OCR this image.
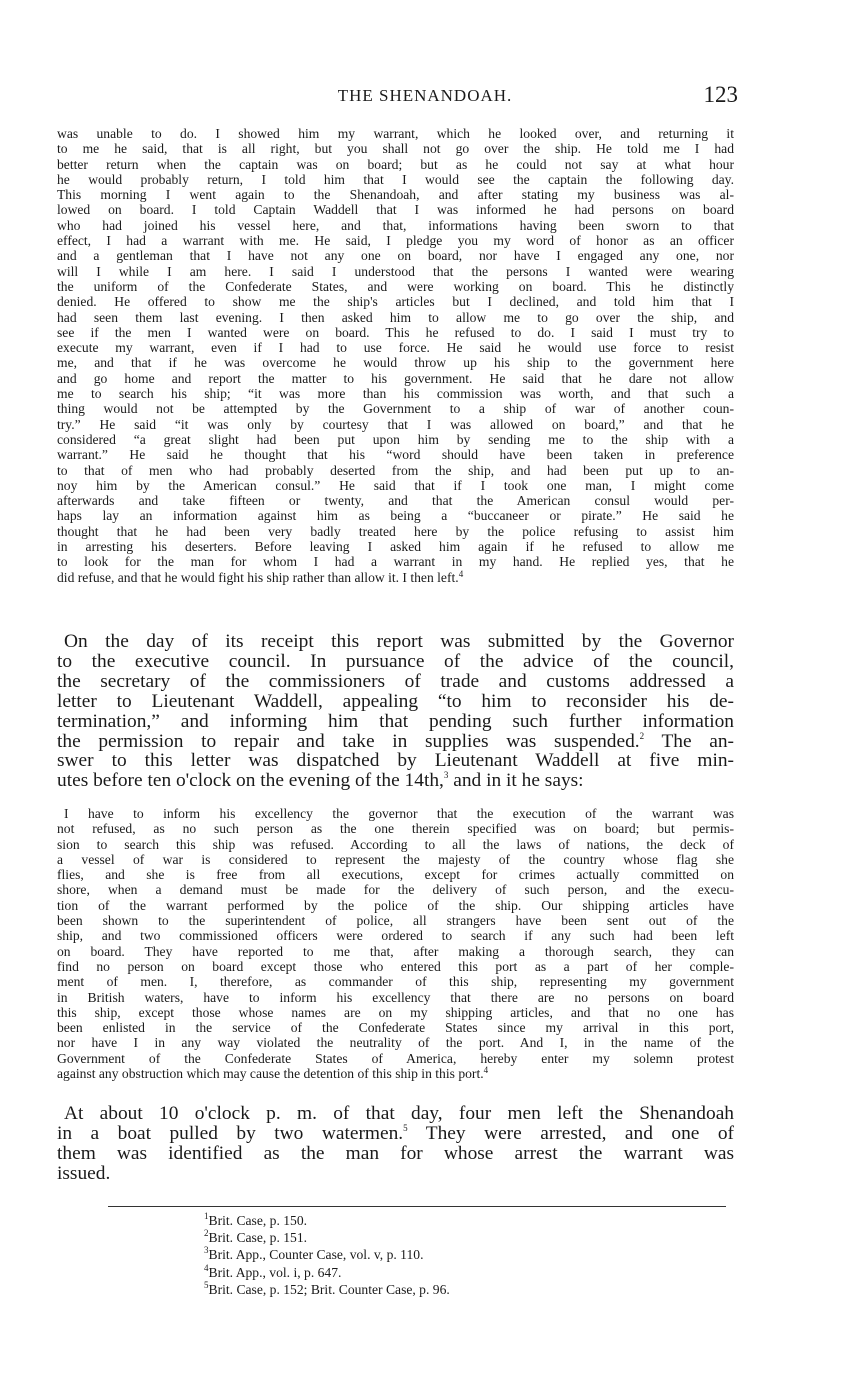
THE SHENANDOAH.	123
was unable to do. I showed him my warrant, which he looked over, and returning it
to me he said, that is all right, but you shall not go over the ship. He told me I had
better return when the captain was on board; but as he could not say at what hour
he would probably return, I told him that I would see the captain the following day.
This morning I went again to the Shenandoah, and after stating my business was al-
lowed on board. I told Captain Waddell that I was informed he had persons on board
who had joined his vessel here, and that, informations having been sworn to that
effect, I had a warrant with me. He said, I pledge you my word of honor as an officer
and a gentleman that I have not any one on board, nor have I engaged any one, nor
will I while I am here. I said I understood that the persons I wanted were wearing
the uniform of the Confederate States, and were working on board. This he distinctly
denied. He offered to show me the ship's articles but I declined, and told him that I
had seen them last evening. I then asked him to allow me to go over the ship, and
see if the men I wanted were on board. This he refused to do. I said I must try to
execute my warrant, even if I had to use force. He said he would use force to resist
me, and that if he was overcome he would throw up his ship to the government here
and go home and report the matter to his government. He said that he dare not allow
me to search his ship; “it was more than his commission was worth, and that such a
thing would not be attempted by the Government to a ship of war of another coun-
try.” He said “it was only by courtesy that I was allowed on board,” and that he
considered “a great slight had been put upon him by sending me to the ship with a
warrant.” He said he thought that his “word should have been taken in preference
to that of men who had probably deserted from the ship, and had been put up to an-
noy him by the American consul.” He said that if I took one man, I might come
afterwards and take fifteen or twenty, and that the American consul would per-
haps lay an information against him as being a “buccaneer or pirate.” He said he
thought that he had been very badly treated here by the police refusing to assist him
in arresting his deserters. Before leaving I asked him again if he refused to allow me
to look for the man for whom I had a warrant in my hand. He replied yes, that he
did refuse, and that he would fight his ship rather than allow it. I then left.$^4$
On the day of its receipt this report was submitted by the Governor
to the executive council. In pursuance of the advice of the council,
the secretary of the commissioners of trade and customs addressed a
letter to Lieutenant Waddell, appealing “to him to reconsider his de-
termination,” and informing him that pending such further information
the permission to repair and take in supplies was suspended.$^2$ The an-
swer to this letter was dispatched by Lieutenant Waddell at five min-
utes before ten o'clock on the evening of the 14th,$^3$ and in it he says:
I have to inform his excellency the governor that the execution of the warrant was
not refused, as no such person as the one therein specified was on board; but permis-
sion to search this ship was refused. According to all the laws of nations, the deck of
a vessel of war is considered to represent the majesty of the country whose flag she
flies, and she is free from all executions, except for crimes actually committed on
shore, when a demand must be made for the delivery of such person, and the execu-
tion of the warrant performed by the police of the ship. Our shipping articles have
been shown to the superintendent of police, all strangers have been sent out of the
ship, and two commissioned officers were ordered to search if any such had been left
on board. They have reported to me that, after making a thorough search, they can
find no person on board except those who entered this port as a part of her comple-
ment of men. I, therefore, as commander of this ship, representing my government
in British waters, have to inform his excellency that there are no persons on board
this ship, except those whose names are on my shipping articles, and that no one has
been enlisted in the service of the Confederate States since my arrival in this port,
nor have I in any way violated the neutrality of the port. And I, in the name of the
Government of the Confederate States of America, hereby enter my solemn protest
against any obstruction which may cause the detention of this ship in this port.$^4$
At about 10 o'clock p. m. of that day, four men left the Shenandoah
in a boat pulled by two watermen.$^5$ They were arrested, and one of
them was identified as the man for whose arrest the warrant was
issued.
$^1$Brit. Case, p. 150.
$^2$Brit. Case, p. 151.
$^3$Brit. App., Counter Case, vol. v, p. 110.
$^4$Brit. App., vol. i, p. 647.
$^5$Brit. Case, p. 152; Brit. Counter Case, p. 96.
